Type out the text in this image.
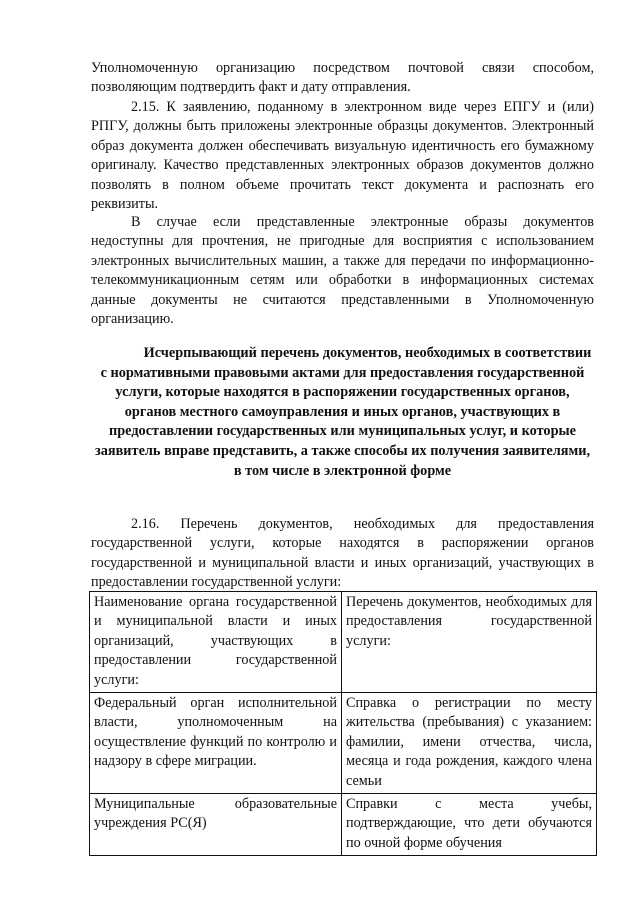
Уполномоченную организацию посредством почтовой связи способом, позволяющим подтвердить факт и дату отправления.

2.15. К заявлению, поданному в электронном виде через ЕПГУ и (или) РПГУ, должны быть приложены электронные образцы документов. Электронный образ документа должен обеспечивать визуальную идентичность его бумажному оригиналу. Качество представленных электронных образов документов должно позволять в полном объеме прочитать текст документа и распознать его реквизиты.

В случае если представленные электронные образы документов недоступны для прочтения, не пригодные для восприятия с использованием электронных вычислительных машин, а также для передачи по информационно-телекоммуникационным сетям или обработки в информационных системах данные документы не считаются представленными в Уполномоченную организацию.

Исчерпывающий перечень документов, необходимых в соответствии с нормативными правовыми актами для предоставления государственной услуги, которые находятся в распоряжении государственных органов, органов местного самоуправления и иных органов, участвующих в предоставлении государственных или муниципальных услуг, и которые заявитель вправе представить, а также способы их получения заявителями, в том числе в электронной форме

2.16. Перечень документов, необходимых для предоставления государственной услуги, которые находятся в распоряжении органов государственной и муниципальной власти и иных организаций, участвующих в предоставлении государственной услуги:

Наименование органа государственной и муниципальной власти и иных организаций, участвующих в предоставлении государственной услуги:	Перечень документов, необходимых для предоставления государственной услуги:
Федеральный орган исполнительной власти, уполномоченным на осуществление функций по контролю и надзору в сфере миграции.	Справка о регистрации по месту жительства (пребывания) с указанием: фамилии, имени отчества, числа, месяца и года рождения, каждого члена семьи
Муниципальные образовательные учреждения РС(Я)	Справки с места учебы, подтверждающие, что дети обучаются по очной форме обучения
